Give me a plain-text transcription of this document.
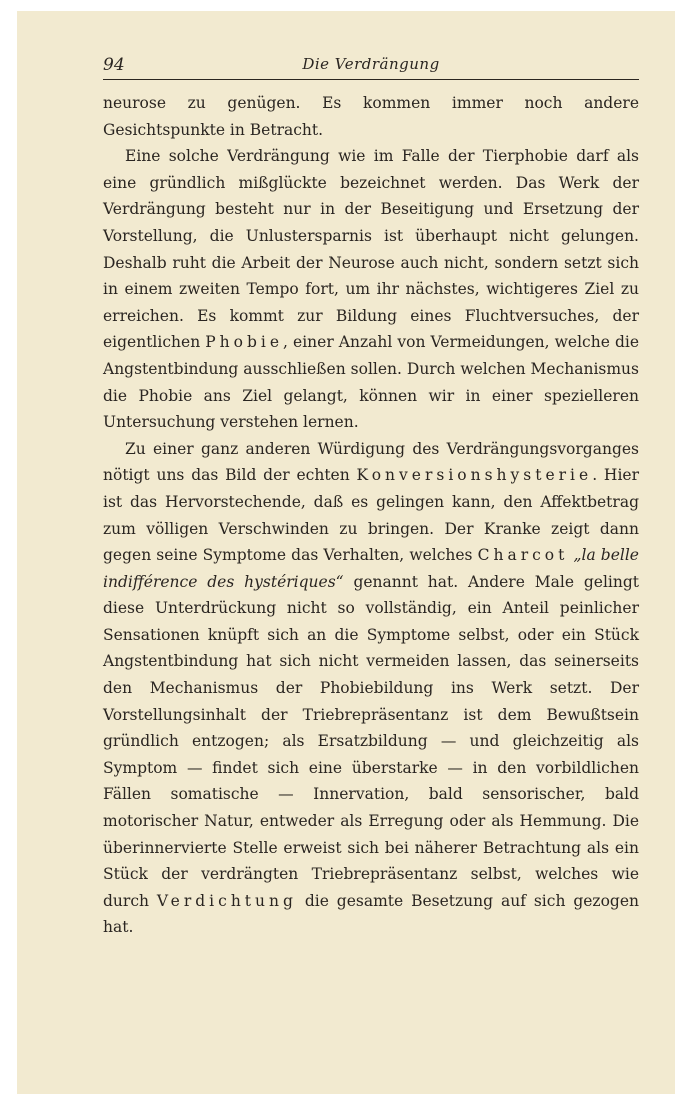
94	Die Verdrängung

neurose zu genügen. Es kommen immer noch andere Gesichtspunkte in Betracht.

Eine solche Verdrängung wie im Falle der Tierphobie darf als eine gründlich mißglückte bezeichnet werden. Das Werk der Verdrängung besteht nur in der Beseitigung und Ersetzung der Vorstellung, die Unlustersparnis ist überhaupt nicht gelungen. Deshalb ruht die Arbeit der Neurose auch nicht, sondern setzt sich in einem zweiten Tempo fort, um ihr nächstes, wichtigeres Ziel zu erreichen. Es kommt zur Bildung eines Fluchtversuches, der eigentlichen Phobie, einer Anzahl von Vermeidungen, welche die Angstentbindung ausschließen sollen. Durch welchen Mechanismus die Phobie ans Ziel gelangt, können wir in einer spezielleren Untersuchung verstehen lernen.

Zu einer ganz anderen Würdigung des Verdrängungsvorganges nötigt uns das Bild der echten Konversionshysterie. Hier ist das Hervorstechende, daß es gelingen kann, den Affektbetrag zum völligen Verschwinden zu bringen. Der Kranke zeigt dann gegen seine Symptome das Verhalten, welches Charcot „la belle indifférence des hystériques“ genannt hat. Andere Male gelingt diese Unterdrückung nicht so vollständig, ein Anteil peinlicher Sensationen knüpft sich an die Symptome selbst, oder ein Stück Angstentbindung hat sich nicht vermeiden lassen, das seinerseits den Mechanismus der Phobiebildung ins Werk setzt. Der Vorstellungsinhalt der Triebrepräsentanz ist dem Bewußtsein gründlich entzogen; als Ersatzbildung — und gleichzeitig als Symptom — findet sich eine überstarke — in den vorbildlichen Fällen somatische — Innervation, bald sensorischer, bald motorischer Natur, entweder als Erregung oder als Hemmung. Die überinnervierte Stelle erweist sich bei näherer Betrachtung als ein Stück der verdrängten Triebrepräsentanz selbst, welches wie durch Verdichtung die gesamte Besetzung auf sich gezogen hat.
